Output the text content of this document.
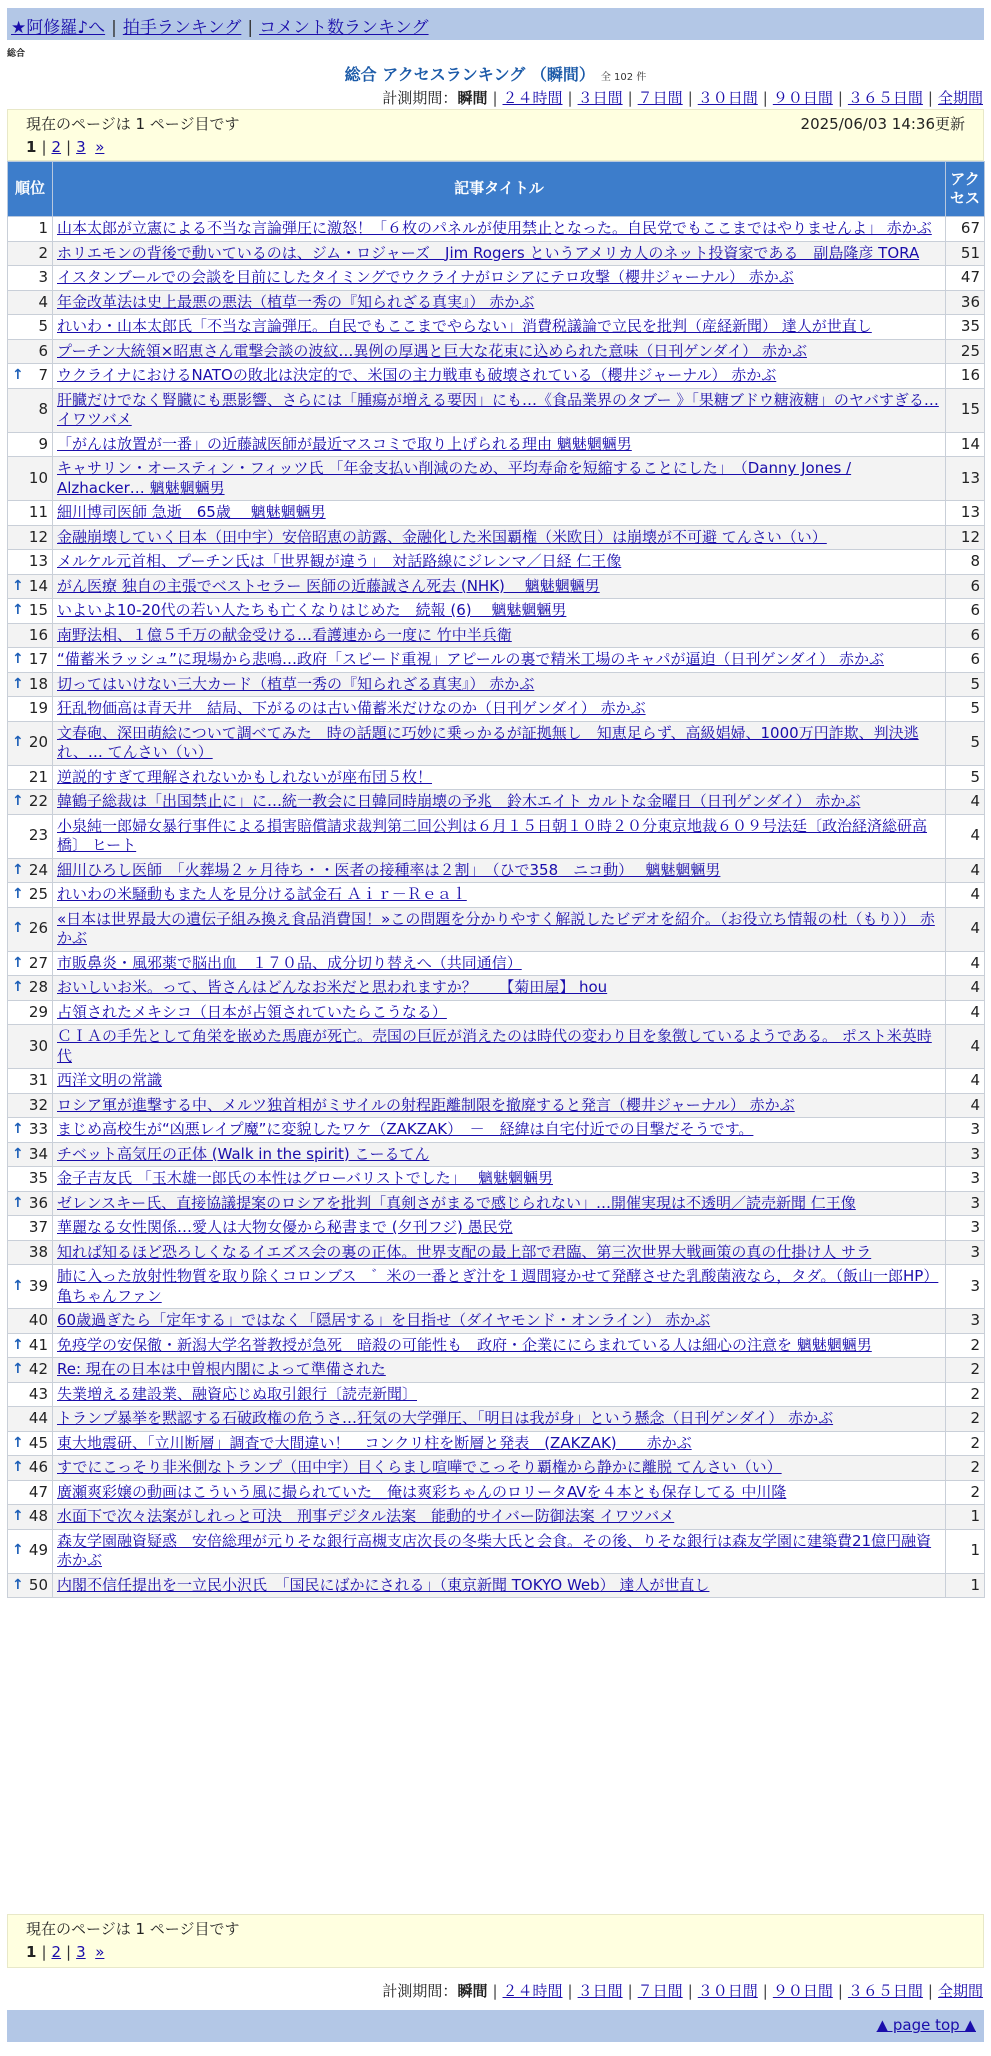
★阿修羅♪へ | 拍手ランキング | コメント数ランキング
総合
総合 アクセスランキング （瞬間） 全 102 件
計測期間：瞬間 | ２４時間 | ３日間 | ７日間 | ３０日間 | ９０日間 | ３６５日間 | 全期間
現在のページは 1 ページ目です	2025/06/03 14:36更新
1 | 2 | 3 »
順位	記事タイトル	アクセス
1	山本太郎が立憲による不当な言論弾圧に激怒！「６枚のパネルが使用禁止となった。自民党でもここまではやりませんよ」 赤かぶ	67
2	ホリエモンの背後で動いているのは、ジム・ロジャーズ　Jim Rogers というアメリカ人のネット投資家である　副島隆彦 TORA	51
3	イスタンブールでの会談を目前にしたタイミングでウクライナがロシアにテロ攻撃（櫻井ジャーナル） 赤かぶ	47
4	年金改革法は史上最悪の悪法（植草一秀の『知られざる真実』） 赤かぶ	36
5	れいわ・山本太郎氏「不当な言論弾圧。自民でもここまでやらない」消費税議論で立民を批判（産経新聞） 達人が世直し	35
6	プーチン大統領×昭恵さん電撃会談の波紋…異例の厚遇と巨大な花束に込められた意味（日刊ゲンダイ） 赤かぶ	25

↑ 7	ウクライナにおけるNATOの敗北は決定的で、米国の主力戦車も破壊されている（櫻井ジャーナル） 赤かぶ	16
8	肝臓だけでなく腎臓にも悪影響、さらには「腫瘍が増える要因」にも…《食品業界のタブー 》「果糖ブドウ糖液糖」のヤバすぎる… イワツバメ	15
9	「がんは放置が一番」の近藤誠医師が最近マスコミで取り上げられる理由 魑魅魍魎男	14
10	キャサリン・オースティン・フィッツ氏 「年金支払い削減のため、平均寿命を短縮することにした」　（Danny Jones / Alzhacker… 魑魅魍魎男	13
11	細川博司医師 急逝　65歳　 魑魅魍魎男	13
12	金融崩壊していく日本（田中宇）安倍昭恵の訪露、金融化した米国覇権（米欧日）は崩壊が不可避 てんさい（い）	12
13	メルケル元首相、プーチン氏は「世界観が違う」　対話路線にジレンマ／日経 仁王像	8

↑ 14	がん医療 独自の主張でベストセラー 医師の近藤誠さん死去 (NHK) 　魑魅魍魎男	6

↑ 15	いよいよ10-20代の若い人たちも亡くなりはじめた　続報 (6)　 魑魅魍魎男	6
16	南野法相、１億５千万の献金受ける…看護連から一度に 竹中半兵衛	6

↑ 17	“備蓄米ラッシュ”に現場から悲鳴…政府「スピード重視」アピールの裏で精米工場のキャパが逼迫（日刊ゲンダイ） 赤かぶ	6

↑ 18	切ってはいけない三大カード（植草一秀の『知られざる真実』） 赤かぶ	5
19	狂乱物価高は青天井　結局、下がるのは古い備蓄米だけなのか（日刊ゲンダイ） 赤かぶ	5

↑ 20	文春砲、深田萌絵について調べてみた　時の話題に巧妙に乗っかるが証拠無し　知恵足らず、高級娼婦、1000万円詐欺、判決逃れ、… てんさい（い）	5
21	逆説的すぎて理解されないかもしれないが座布団５枚！	5

↑ 22	韓鶴子総裁は「出国禁止に」に…統一教会に日韓同時崩壊の予兆　鈴木エイト カルトな金曜日（日刊ゲンダイ） 赤かぶ	4
23	小泉純一郎婦女暴行事件による損害賠償請求裁判第二回公判は６月１５日朝１０時２０分東京地裁６０９号法廷〔政治経済総研高橋〕 ヒート	4

↑ 24	細川ひろし医師　「火葬場２ヶ月待ち・・医者の接種率は２割」　（ひで358　ニコ動）　 魑魅魍魎男	4

↑ 25	れいわの米騒動もまた人を見分ける試金石 Ａｉｒ－Ｒｅａｌ	4

↑ 26	«日本は世界最大の遺伝子組み換え食品消費国！»この問題を分かりやすく解説したビデオを紹介。（お役立ち情報の杜（もり）） 赤かぶ	4

↑ 27	市販鼻炎・風邪薬で脳出血　１７０品、成分切り替えへ（共同通信）	4

↑ 28	おいしいお米。って、皆さんはどんなお米だと思われますか？　　【菊田屋】 hou	4
29	占領されたメキシコ（日本が占領されていたらこうなる）	4
30	ＣＩＡの手先として角栄を嵌めた馬鹿が死亡。売国の巨匠が消えたのは時代の変わり目を象徴しているようである。 ポスト米英時代	4
31	西洋文明の常識	4
32	ロシア軍が進撃する中、メルツ独首相がミサイルの射程距離制限を撤廃すると発言（櫻井ジャーナル） 赤かぶ	4

↑ 33	まじめ高校生が“凶悪レイプ魔”に変貌したワケ（ZAKZAK）　－　経緯は自宅付近での目撃だそうです。	3

↑ 34	チベット高気圧の正体 (Walk in the spirit) こーるてん	3
35	金子吉友氏 「玉木雄一郎氏の本性はグローバリストでした」　 魑魅魍魎男	3

↑ 36	ゼレンスキー氏、直接協議提案のロシアを批判「真剣さがまるで感じられない」…開催実現は不透明／読売新聞 仁王像	3
37	華麗なる女性関係…愛人は大物女優から秘書まで (夕刊フジ) 愚民党	3
38	知れば知るほど恐ろしくなるイエズス会の裏の正体。世界支配の最上部で君臨、第三次世界大戦画策の真の仕掛け人 サラ	3

↑ 39	肺に入った放射性物質を取り除くコロンブス　゛米の一番とぎ汁を１週間寝かせて発酵させた乳酸菌液なら，タダ。（飯山一郎HP） 亀ちゃんファン	3
40	60歳過ぎたら「定年する」ではなく「隠居する」を目指せ（ダイヤモンド・オンライン） 赤かぶ	3

↑ 41	免疫学の安保徹・新潟大学名誉教授が急死　暗殺の可能性も　政府・企業ににらまれている人は細心の注意を 魑魅魍魎男	2

↑ 42	Re: 現在の日本は中曽根内閣によって準備された	2
43	失業増える建設業、融資応じぬ取引銀行〔読売新聞〕	2
44	トランプ暴挙を黙認する石破政権の危うさ…狂気の大学弾圧、「明日は我が身」という懸念（日刊ゲンダイ） 赤かぶ	2

↑ 45	東大地震研、「立川断層」調査で大間違い！　コンクリ柱を断層と発表　(ZAKZAK)　　赤かぶ	2

↑ 46	すでにこっそり非米側なトランプ（田中宇）目くらまし喧嘩でこっそり覇権から静かに離脱 てんさい（い）	2
47	廣瀬爽彩嬢の動画はこういう風に撮られていた＿俺は爽彩ちゃんのロリータAVを４本とも保存してる 中川隆	2

↑ 48	水面下で次々法案がしれっと可決　刑事デジタル法案　能動的サイバー防御法案 イワツバメ	1

↑ 49	森友学園融資疑惑　安倍総理が元りそな銀行高槻支店次長の冬柴大氏と会食。その後、りそな銀行は森友学園に建築費21億円融資 赤かぶ	1

↑ 50	内閣不信任提出を一立民小沢氏　「国民にばかにされる」（東京新聞 TOKYO Web） 達人が世直し	1
現在のページは 1 ページ目です
1 | 2 | 3 »
計測期間：瞬間 | ２４時間 | ３日間 | ７日間 | ３０日間 | ９０日間 | ３６５日間 | 全期間
▲ page top ▲
